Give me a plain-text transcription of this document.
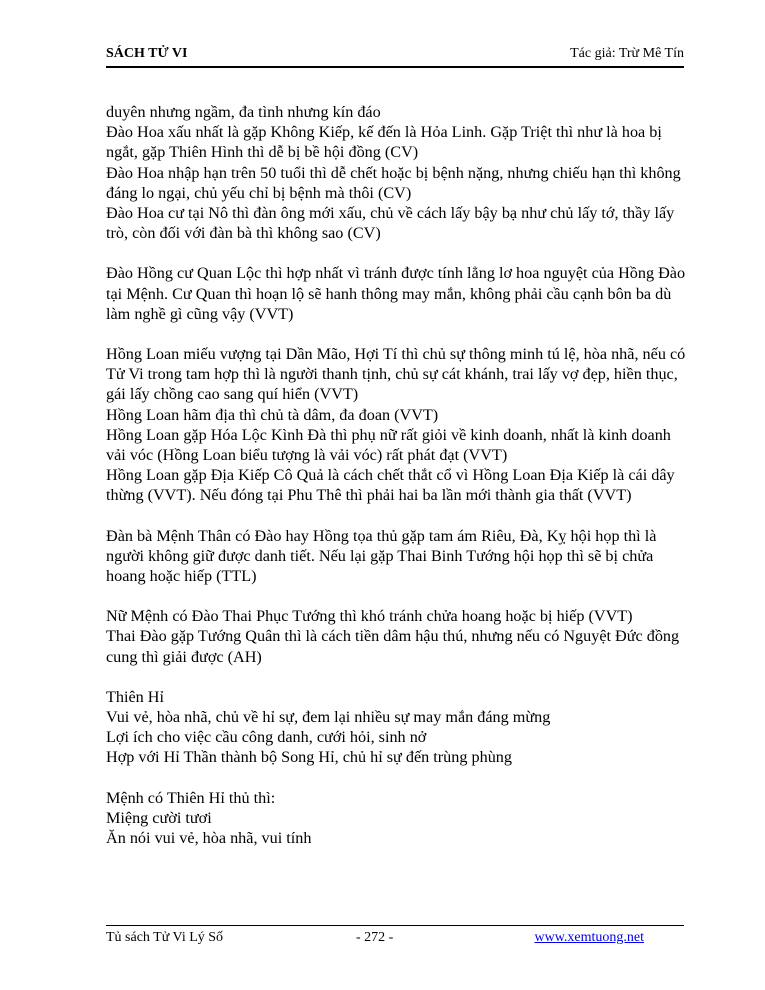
SÁCH TỬ VI	Tác giả: Trừ Mê Tín

duyên nhưng ngầm, đa tình nhưng kín đáo
Đào Hoa xấu nhất là gặp Không Kiếp, kế đến là Hỏa Linh. Gặp Triệt thì như là hoa bị ngắt, gặp Thiên Hình thì dễ bị bề hội đồng (CV)
Đào Hoa nhập hạn trên 50 tuổi thì dễ chết hoặc bị bệnh nặng, nhưng chiếu hạn thì không đáng lo ngại, chủ yếu chỉ bị bệnh mà thôi (CV)
Đào Hoa cư tại Nô thì đàn ông mới xấu, chủ về cách lấy bậy bạ như chủ lấy tớ, thầy lấy trò, còn đối với đàn bà thì không sao (CV)

Đào Hồng cư Quan Lộc thì hợp nhất vì tránh được tính lẳng lơ hoa nguyệt của Hồng Đào tại Mệnh. Cư Quan thì hoạn lộ sẽ hanh thông may mắn, không phải cầu cạnh bôn ba dù làm nghề gì cũng vậy (VVT)

Hồng Loan miếu vượng tại Dần Mão, Hợi Tí thì chủ sự thông minh tú lệ, hòa nhã, nếu có Tử Vi trong tam hợp thì là người thanh tịnh, chủ sự cát khánh, trai lấy vợ đẹp, hiền thục, gái lấy chồng cao sang quí hiển (VVT)
Hồng Loan hãm địa thì chủ tà dâm, đa đoan (VVT)
Hồng Loan gặp Hóa Lộc Kình Đà thì phụ nữ rất giỏi về kinh doanh, nhất là kinh doanh vải vóc (Hồng Loan biểu tượng là vải vóc) rất phát đạt (VVT)
Hồng Loan gặp Địa Kiếp Cô Quả là cách chết thắt cổ vì Hồng Loan Địa Kiếp là cái dây thừng (VVT). Nếu đóng tại Phu Thê thì phải hai ba lần mới thành gia thất (VVT)

Đàn bà Mệnh Thân có Đào hay Hồng tọa thủ gặp tam ám Riêu, Đà, Kỵ hội họp thì là người không giữ được danh tiết. Nếu lại gặp Thai Binh Tướng hội họp thì sẽ bị chửa hoang hoặc hiếp (TTL)

Nữ Mệnh có Đào Thai Phục Tướng thì khó tránh chửa hoang hoặc bị hiếp (VVT)
Thai Đào gặp Tướng Quân thì là cách tiền dâm hậu thú, nhưng nếu có Nguyệt Đức đồng cung thì giải được (AH)

Thiên Hỉ
Vui vẻ, hòa nhã, chủ về hỉ sự, đem lại nhiều sự may mắn đáng mừng
Lợi ích cho việc cầu công danh, cưới hỏi, sinh nở
Hợp với Hỉ Thần thành bộ Song Hỉ, chủ hỉ sự đến trùng phùng

Mệnh có Thiên Hỉ thủ thì:
Miệng cười tươi
Ăn nói vui vẻ, hòa nhã, vui tính

Tủ sách Tử Vi Lý Số	- 272 -	www.xemtuong.net
